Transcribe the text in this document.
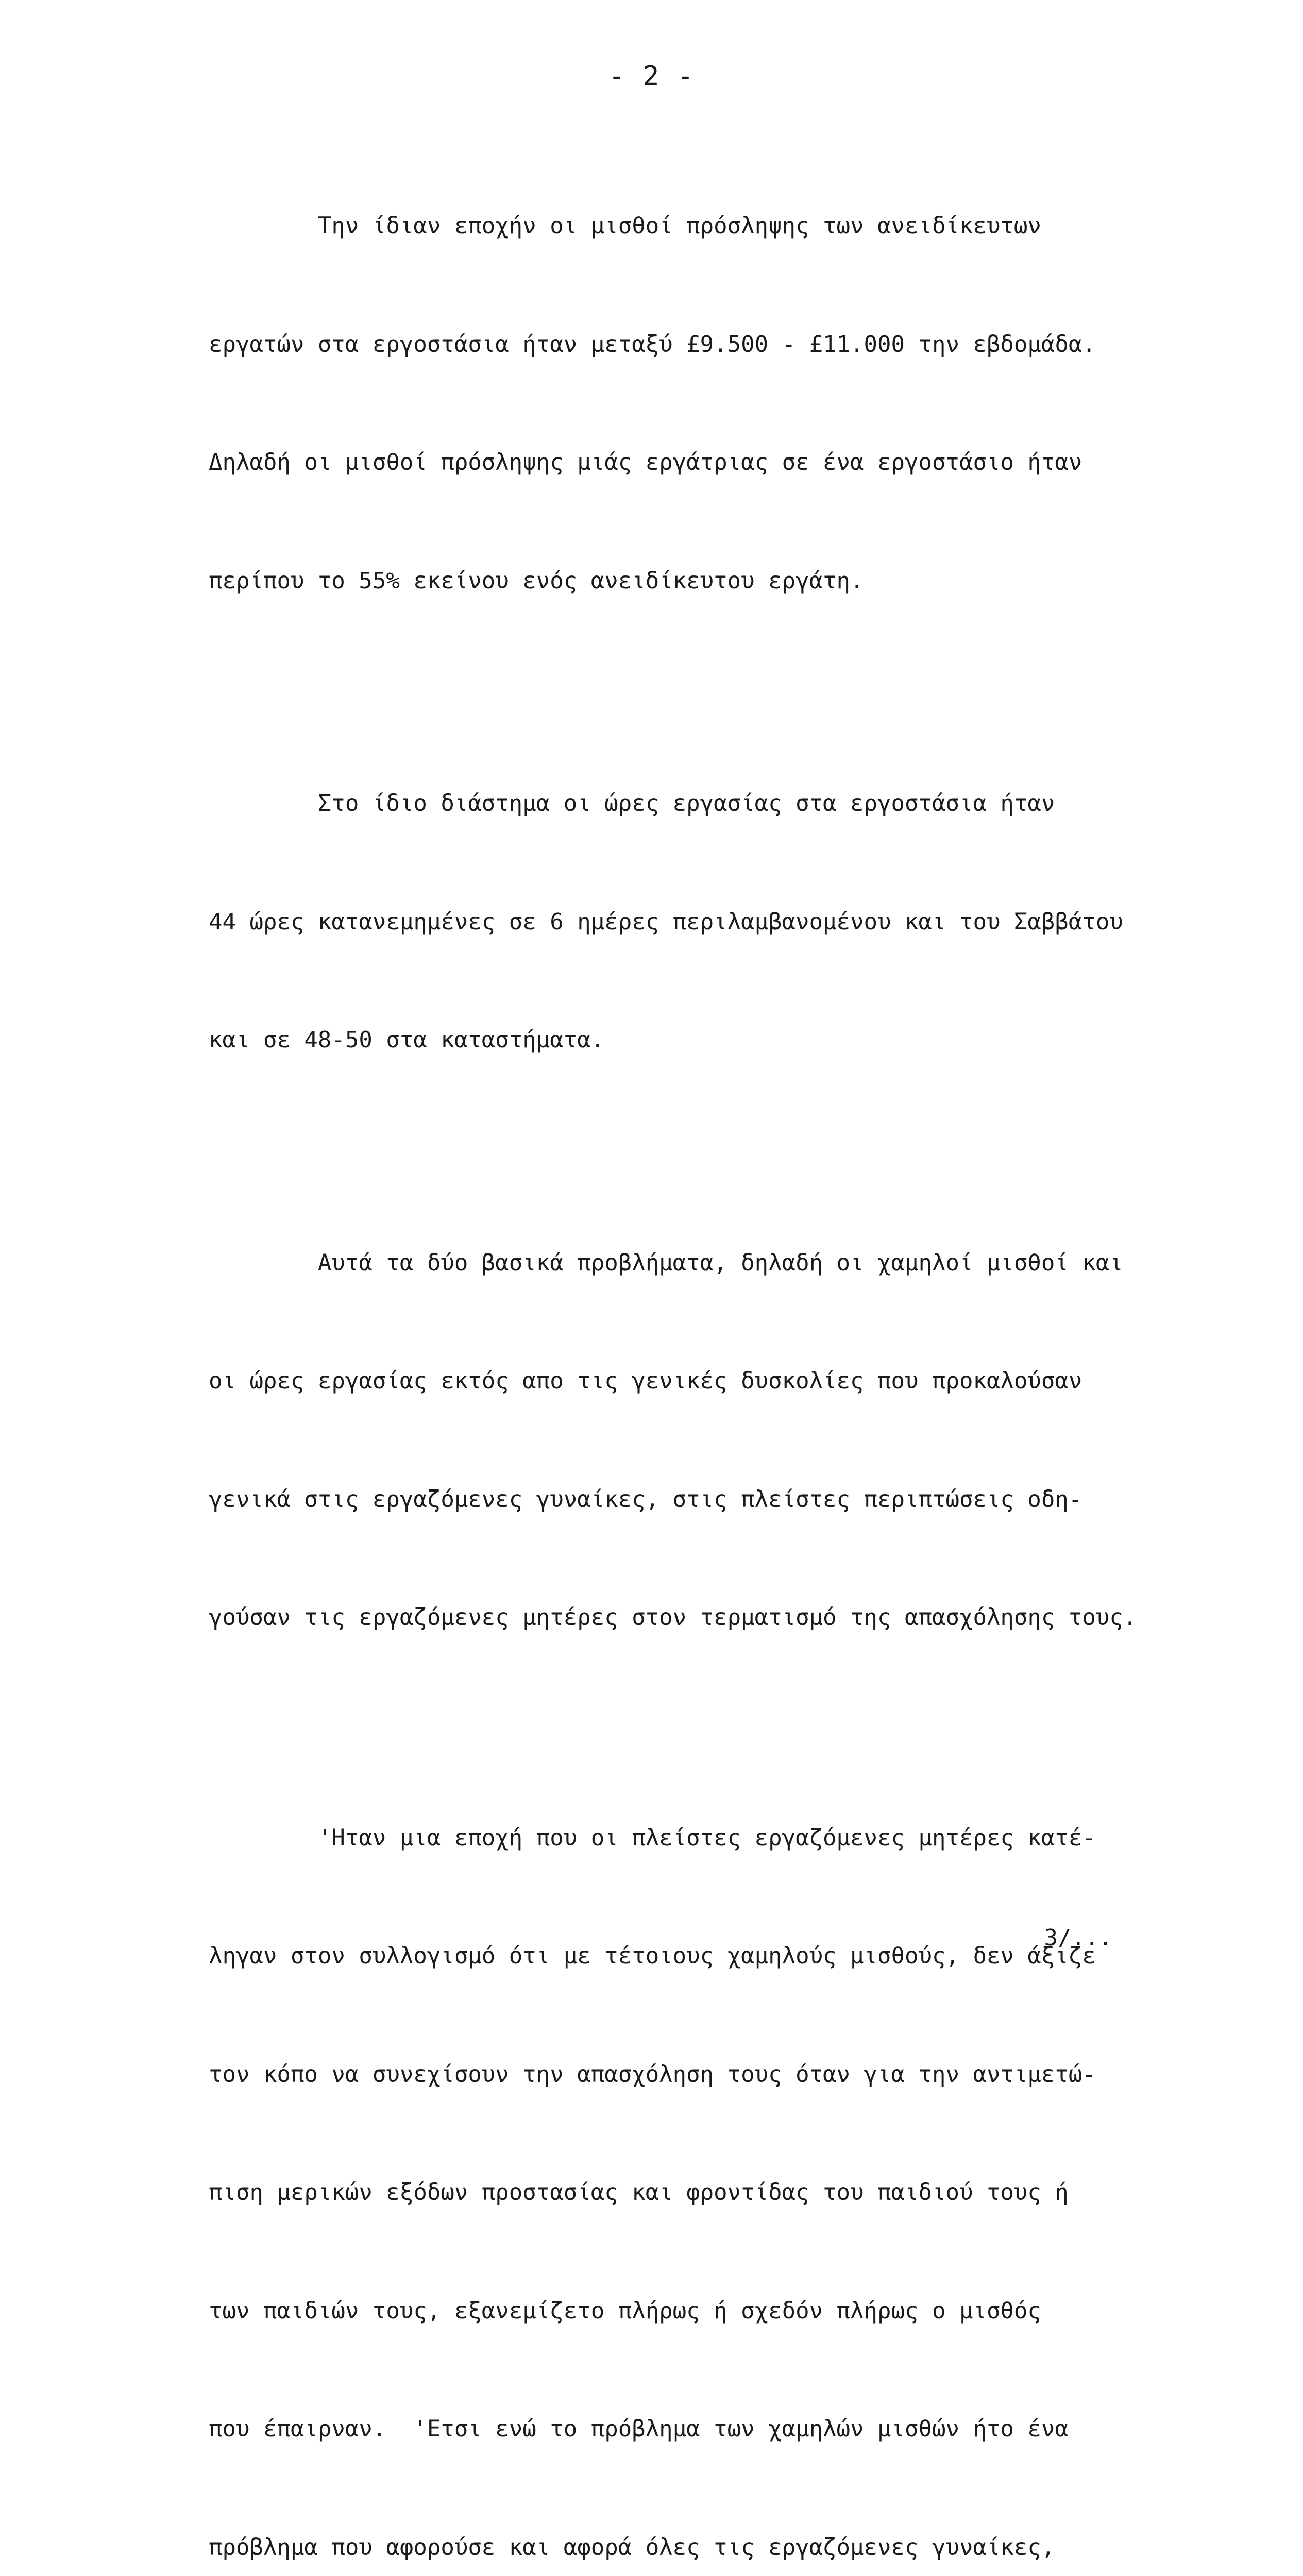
- 2 -

Την ίδιαν εποχήν οι μισθοί πρόσληψης των ανειδίκευτων

εργατών στα εργοστάσια ήταν μεταξύ £9.500 - £11.000 την εβδομάδα.

Δηλαδή οι μισθοί πρόσληψης μιάς εργάτριας σε ένα εργοστάσιο ήταν

περίπου το 55% εκείνου ενός ανειδίκευτου εργάτη.

Στο ίδιο διάστημα οι ώρες εργασίας στα εργοστάσια ήταν

44 ώρες κατανεμημένες σε 6 ημέρες περιλαμβανομένου και του Σαββάτου

και σε 48-50 στα καταστήματα.

Αυτά τα δύο βασικά προβλήματα, δηλαδή οι χαμηλοί μισθοί και

οι ώρες εργασίας εκτός απο τις γενικές δυσκολίες που προκαλούσαν

γενικά στις εργαζόμενες γυναίκες, στις πλείστες περιπτώσεις οδη-

γούσαν τις εργαζόμενες μητέρες στον τερματισμό της απασχόλησης τους.

'Ηταν μια εποχή που οι πλείστες εργαζόμενες μητέρες κατέ-

ληγαν στον συλλογισμό ότι με τέτοιους χαμηλούς μισθούς, δεν άξιζε

τον κόπο να συνεχίσουν την απασχόληση τους όταν για την αντιμετώ-

πιση μερικών εξόδων προστασίας και φροντίδας του παιδιού τους ή

των παιδιών τους, εξανεμίζετο πλήρως ή σχεδόν πλήρως ο μισθός

που έπαιρναν.  'Ετσι ενώ το πρόβλημα των χαμηλών μισθών ήτο ένα

πρόβλημα που αφορούσε και αφορά όλες τις εργαζόμενες γυναίκες,

3/...
